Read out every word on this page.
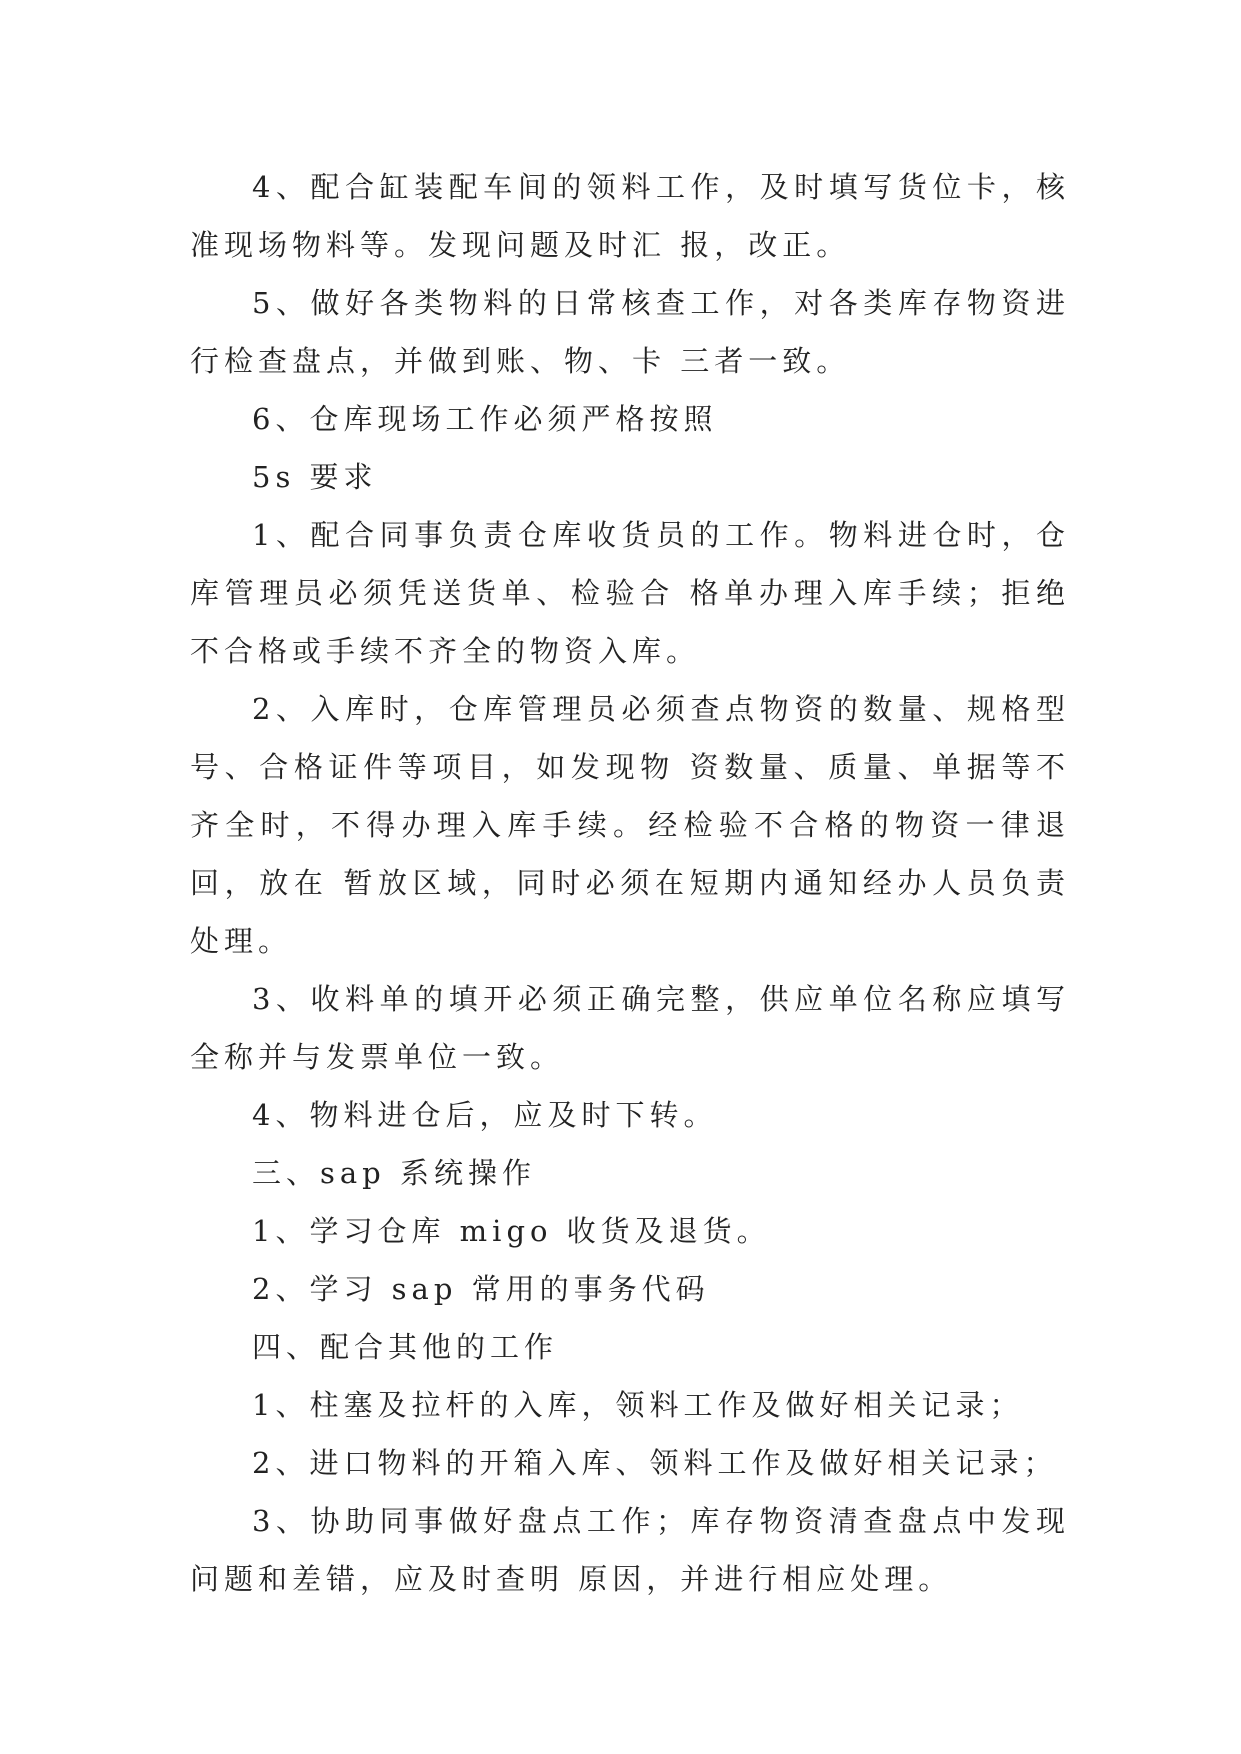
4、配合缸装配车间的领料工作，及时填写货位卡，核准现场物料等。发现问题及时汇 报，改正。

5、做好各类物料的日常核查工作，对各类库存物资进行检查盘点，并做到账、物、卡 三者一致。

6、仓库现场工作必须严格按照

5s 要求

1、配合同事负责仓库收货员的工作。物料进仓时，仓库管理员必须凭送货单、检验合 格单办理入库手续；拒绝不合格或手续不齐全的物资入库。

2、入库时，仓库管理员必须查点物资的数量、规格型号、合格证件等项目，如发现物 资数量、质量、单据等不齐全时，不得办理入库手续。经检验不合格的物资一律退回，放在 暂放区域，同时必须在短期内通知经办人员负责处理。

3、收料单的填开必须正确完整，供应单位名称应填写全称并与发票单位一致。

4、物料进仓后，应及时下转。

三、sap 系统操作

1、学习仓库 migo 收货及退货。

2、学习 sap 常用的事务代码

四、配合其他的工作

1、柱塞及拉杆的入库，领料工作及做好相关记录；

2、进口物料的开箱入库、领料工作及做好相关记录；

3、协助同事做好盘点工作；库存物资清查盘点中发现问题和差错，应及时查明 原因，并进行相应处理。
